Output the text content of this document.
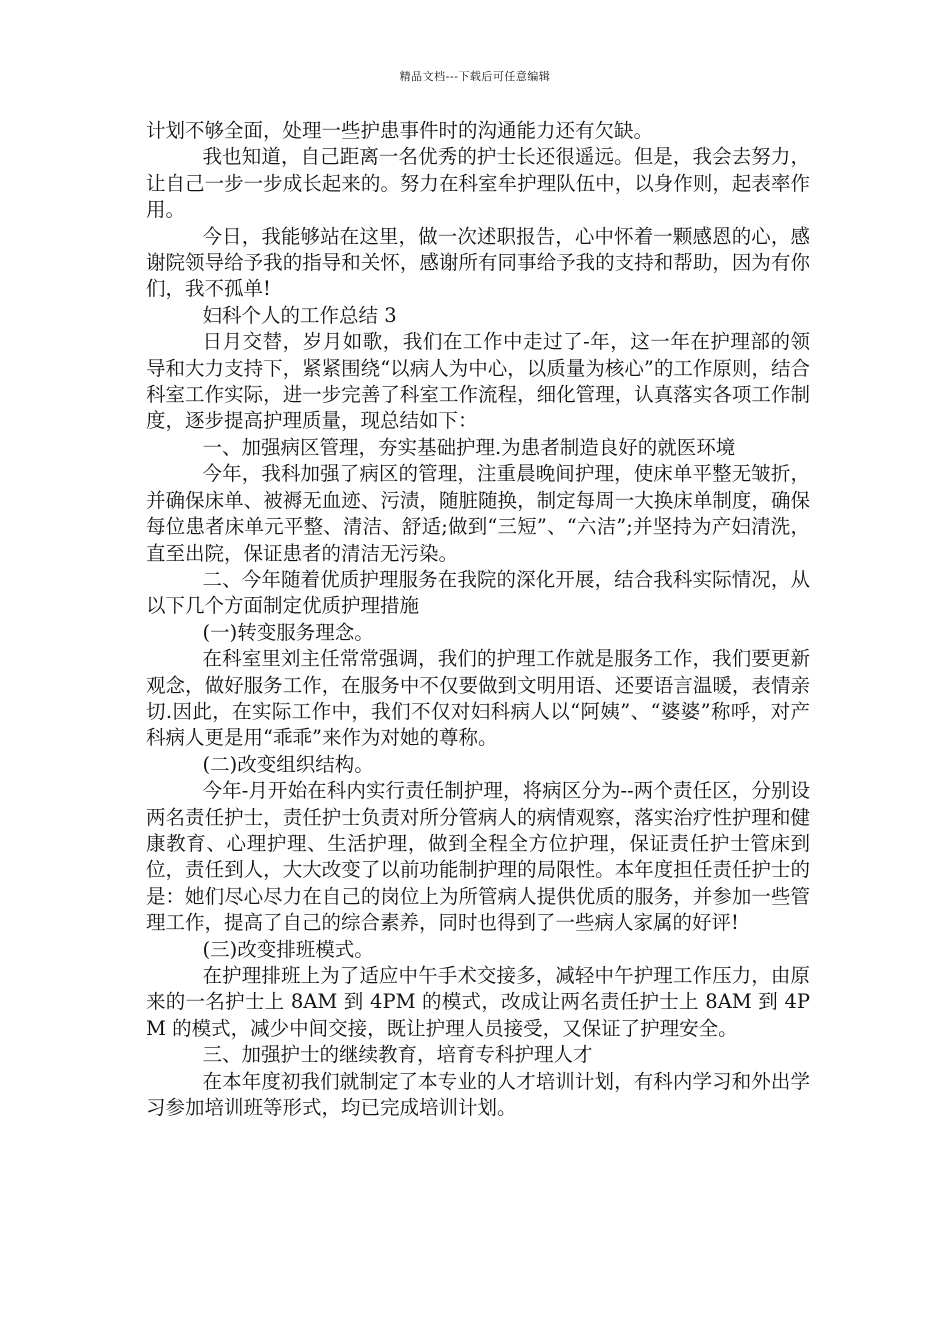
精品文档---下载后可任意编辑

计划不够全面，处理一些护患事件时的沟通能力还有欠缺。

我也知道，自己距离一名优秀的护士长还很遥远。但是，我会去努力，让自己一步一步成长起来的。努力在科室牟护理队伍中，以身作则，起表率作用。

今日，我能够站在这里，做一次述职报告，心中怀着一颗感恩的心，感谢院领导给予我的指导和关怀，感谢所有同事给予我的支持和帮助，因为有你们，我不孤单!

妇科个人的工作总结 3

日月交替，岁月如歌，我们在工作中走过了-年，这一年在护理部的领导和大力支持下，紧紧围绕“以病人为中心，以质量为核心”的工作原则，结合科室工作实际，进一步完善了科室工作流程，细化管理，认真落实各项工作制度，逐步提高护理质量，现总结如下：

一、加强病区管理，夯实基础护理.为患者制造良好的就医环境

今年，我科加强了病区的管理，注重晨晚间护理，使床单平整无皱折，并确保床单、被褥无血迹、污渍，随脏随换，制定每周一大换床单制度，确保每位患者床单元平整、清洁、舒适;做到“三短”、“六洁”;并坚持为产妇清洗，直至出院，保证患者的清洁无污染。

二、今年随着优质护理服务在我院的深化开展，结合我科实际情况，从以下几个方面制定优质护理措施

(一)转变服务理念。

在科室里刘主任常常强调，我们的护理工作就是服务工作，我们要更新观念，做好服务工作，在服务中不仅要做到文明用语、还要语言温暖，表情亲切.因此，在实际工作中，我们不仅对妇科病人以“阿姨”、“婆婆”称呼，对产科病人更是用“乖乖”来作为对她的尊称。

(二)改变组织结构。

今年-月开始在科内实行责任制护理，将病区分为--两个责任区，分别设两名责任护士，责任护士负责对所分管病人的病情观察，落实治疗性护理和健康教育、心理护理、生活护理，做到全程全方位护理，保证责任护士管床到位，责任到人，大大改变了以前功能制护理的局限性。本年度担任责任护士的是：她们尽心尽力在自己的岗位上为所管病人提供优质的服务，并参加一些管理工作，提高了自己的综合素养，同时也得到了一些病人家属的好评!

(三)改变排班模式。

在护理排班上为了适应中午手术交接多，减轻中午护理工作压力，由原来的一名护士上 8AM 到 4PM 的模式，改成让两名责任护士上 8AM 到 4PM 的模式，减少中间交接，既让护理人员接受，又保证了护理安全。

三、加强护士的继续教育，培育专科护理人才

在本年度初我们就制定了本专业的人才培训计划，有科内学习和外出学习参加培训班等形式，均已完成培训计划。
